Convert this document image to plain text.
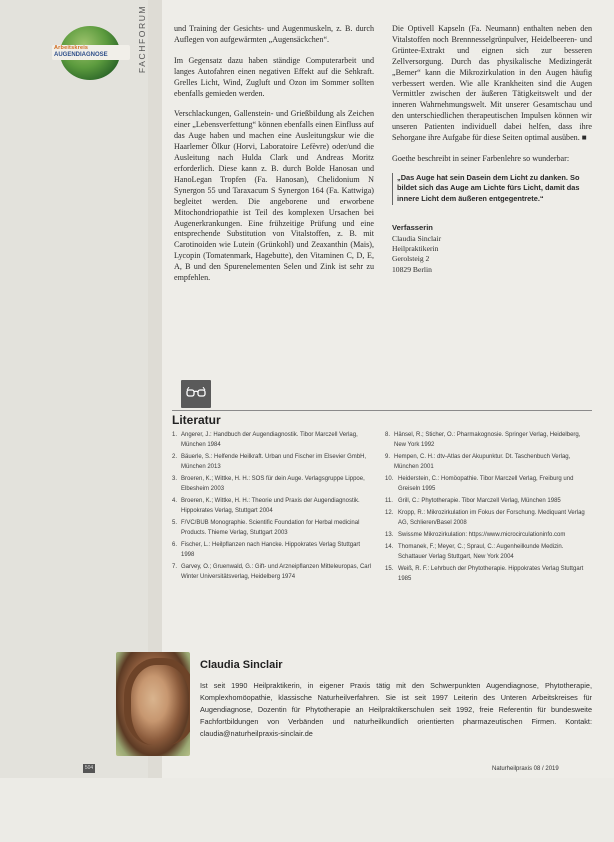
Arbeitskreis
AUGENDIAGNOSE	FACHFORUM	und Training der Gesichts- und Augenmuskeln, z. B. durch Auflegen von aufgewärmten „Augensäckchen“.

Im Gegensatz dazu haben ständige Computerarbeit und langes Autofahren einen negativen Effekt auf die Sehkraft. Grelles Licht, Wind, Zugluft und Ozon im Sommer sollten ebenfalls gemieden werden.

Verschlackungen, Gallenstein- und Grießbildung als Zeichen einer „Lebensverfettung“ können ebenfalls einen Einfluss auf das Auge haben und machen eine Ausleitungskur wie die Haarlemer Ölkur (Horvi, Laboratoire Lefèvre) oder/und die Ausleitung nach Hulda Clark und Andreas Moritz erforderlich. Diese kann z. B. durch Bolde Hanosan und HanoLegan Tropfen (Fa. Hanosan), Chelidonium N Synergon 55 und Taraxacum S Synergon 164 (Fa. Kattwiga) begleitet werden. Die angeborene und erworbene Mitochondriopathie ist Teil des komplexen Ursachen bei Augenerkrankungen. Eine frühzeitige Prüfung und eine entsprechende Substitution von Vitalstoffen, z. B. mit Carotinoiden wie Lutein (Grünkohl) und Zeaxanthin (Mais), Lycopin (Tomatenmark, Hagebutte), den Vitaminen C, D, E, A, B und den Spurenelementen Selen und Zink ist sehr zu empfehlen.

Die Optivell Kapseln (Fa. Neumann) enthalten neben den Vitalstoffen noch Brennnesselgrünpulver, Heidelbeeren- und Grüntee-Extrakt und eignen sich zur besseren Zellversorgung. Durch das physikalische Medizingerät „Bemer“ kann die Mikrozirkulation in den Augen häufig verbessert werden. Wie alle Krankheiten sind die Augen Vermittler zwischen der äußeren Tätigkeitswelt und der inneren Wahrnehmungswelt. Mit unserer Gesamtschau und den unterschiedlichen therapeutischen Impulsen können wir unseren Patienten individuell dabei helfen, dass ihre Sehorgane ihre Aufgabe für diese Seiten optimal ausüben. ■

Goethe beschreibt in seiner Farbenlehre so wunderbar:

„Das Auge hat sein Dasein dem Licht zu danken. So bildet sich das Auge am Lichte fürs Licht, damit das innere Licht dem äußeren entgegentrete.“
Verfasserin
Claudia Sinclair
Heilpraktikerin
Gerolsteig 2
10829 Berlin
Literatur
1. Angerer, J.: Handbuch der Augendiagnostik. Tibor Marczell Verlag, München 1984
2. Bäuerle, S.: Helfende Heilkraft. Urban und Fischer im Elsevier GmbH, München 2013
3. Broeren, K.; Wittke, H. H.: SOS für dein Auge. Verlagsgruppe Lippoe, Elbesheim 2003
4. Broeren, K.; Wittke, H. H.: Theorie und Praxis der Augendiagnostik. Hippokrates Verlag, Stuttgart 2004
5. F/VC/BUB Monographie. Scientific Foundation for Herbal medicinal Products. Thieme Verlag, Stuttgart 2003
6. Fischer, L.: Heilpflanzen nach Hancke. Hippokrates Verlag Stuttgart 1998
7. Garvey, O.; Gruenwald, G.: Gift- und Arzneipflanzen Mitteleuropas, Carl Winter Universitätsverlag, Heidelberg 1974
8. Hänsel, R.; Sticher, O.: Pharmakognosie. Springer Verlag, Heidelberg, New York 1992
9. Hempen, C. H.: dtv-Atlas der Akupunktur. Dt. Taschenbuch Verlag, München 2001
10. Heiderstein, C.: Homöopathie. Tibor Marczell Verlag, Freiburg und Greiseln 1995
11. Grill, C.: Phytotherapie. Tibor Marczell Verlag, München 1985
12. Kropp, R.: Mikrozirkulation im Fokus der Forschung. Mediquant Verlag AG, Schlieren/Basel 2008
13. Swissme Mikrozirkulation: https://www.microcirculationinfo.com
14. Thomanek, F.; Meyer, C.; Spraul, C.: Augenheilkunde Medizin. Schattauer Verlag Stuttgart, New York 2004
15. Weiß, R. F.: Lehrbuch der Phytotherapie. Hippokrates Verlag Stuttgart 1985
Claudia Sinclair
Ist seit 1990 Heilpraktikerin, in eigener Praxis tätig mit den Schwerpunkten Augendiagnose, Phytotherapie, Komplexhomöopathie, klassische Naturheilverfahren. Sie ist seit 1997 Leiterin des Unteren Arbeitskreises für Augendiagnose, Dozentin für Phytotherapie an Heilpraktikerschulen seit 1992, freie Referentin für bundesweite Fachfortbildungen von Verbänden und naturheilkundlich orientierten pharmazeutischen Firmen. Kontakt: claudia@naturheilpraxis-sinclair.de
504	Naturheilpraxis 08 / 2019
